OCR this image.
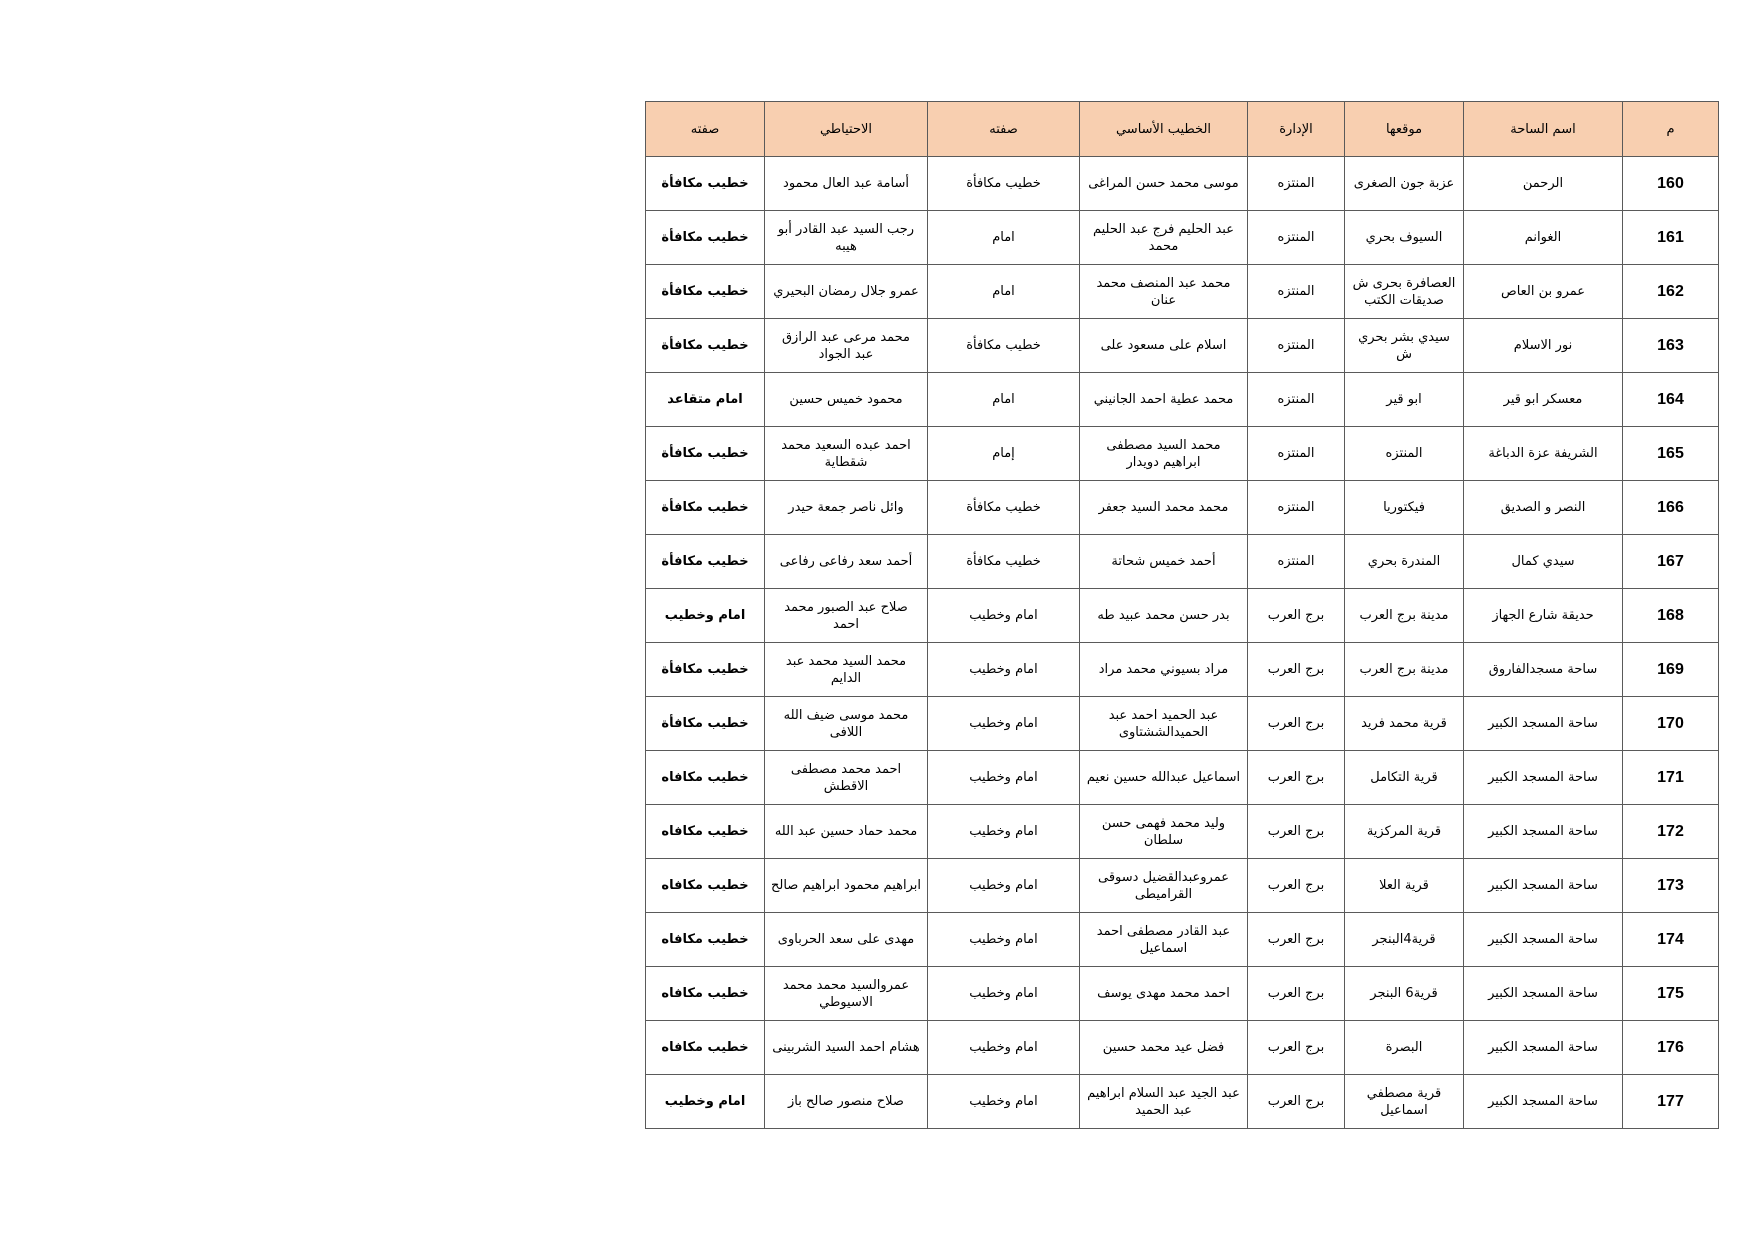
م	اسم الساحة	موقعها	الإدارة	الخطيب الأساسي	صفته	الاحتياطي	صفته
160	الرحمن	عزبة جون الصغرى	المنتزه	موسى محمد حسن المراغى	خطيب مكافأة	أسامة عبد العال محمود	خطيب مكافأة
161	الغوانم	السيوف بحري	المنتزه	عبد الحليم فرج عبد الحليم محمد	امام	رجب السيد عبد القادر أبو هيبه	خطيب مكافأة
162	عمرو بن العاص	العصافرة بحرى ش صديقات الكتب	المنتزه	محمد عبد المنصف محمد عنان	امام	عمرو جلال رمضان البحيري	خطيب مكافأة
163	نور الاسلام	سيدي بشر بحري ش	المنتزه	اسلام على مسعود على	خطيب مكافأة	محمد مرعى عبد الرازق عبد الجواد	خطيب مكافأة
164	معسكر ابو قير	ابو قير	المنتزه	محمد عطية احمد الجانيني	امام	محمود خميس حسين	امام متقاعد
165	الشريفة عزة الدباغة	المنتزه	المنتزه	محمد السيد مصطفى ابراهيم دويدار	إمام	احمد عبده السعيد محمد شقطاية	خطيب مكافأة
166	النصر و الصديق	فيكتوريا	المنتزه	محمد محمد السيد جعفر	خطيب مكافأة	وائل ناصر جمعة حيدر	خطيب مكافأة
167	سيدي كمال	المندرة بحري	المنتزه	أحمد خميس شحاتة	خطيب مكافأة	أحمد سعد رفاعى رفاعى	خطيب مكافأة
168	حديقة شارع الجهاز	مدينة برج العرب	برج العرب	بدر حسن محمد عبيد طه	امام وخطيب	صلاح عبد الصبور محمد احمد	امام وخطيب
169	ساحة مسجدالفاروق	مدينة برج العرب	برج العرب	مراد بسيوني محمد مراد	امام وخطيب	محمد السيد محمد عبد الدايم	خطيب مكافأة
170	ساحة المسجد الكبير	قرية محمد فريد	برج العرب	عبد الحميد احمد عبد الحميدالششتاوى	امام وخطيب	محمد موسى ضيف الله اللافى	خطيب مكافأة
171	ساحة المسجد الكبير	قرية التكامل	برج العرب	اسماعيل عبدالله حسين نعيم	امام وخطيب	احمد محمد مصطفى الاقطش	خطيب مكافاه
172	ساحة المسجد الكبير	قرية المركزية	برج العرب	وليد محمد فهمى حسن سلطان	امام وخطيب	محمد حماد حسين عبد الله	خطيب مكافاه
173	ساحة المسجد الكبير	قرية العلا	برج العرب	عمروعبدالقضيل دسوقى القراميطى	امام وخطيب	ابراهيم محمود ابراهيم صالح	خطيب مكافاه
174	ساحة المسجد الكبير	قرية4البنجر	برج العرب	عبد القادر مصطفى احمد اسماعيل	امام وخطيب	مهدى على سعد الحرباوى	خطيب مكافاه
175	ساحة المسجد الكبير	قرية6 البنجر	برج العرب	احمد محمد مهدى يوسف	امام وخطيب	عمروالسيد محمد محمد الاسيوطي	خطيب مكافاه
176	ساحة المسجد الكبير	البصرة	برج العرب	فضل عيد محمد حسين	امام وخطيب	هشام احمد السيد الشربينى	خطيب مكافاه
177	ساحة المسجد الكبير	قرية مصطفي اسماعيل	برج العرب	عبد الجيد عبد السلام ابراهيم عبد الحميد	امام وخطيب	صلاح منصور صالح باز	امام وخطيب
